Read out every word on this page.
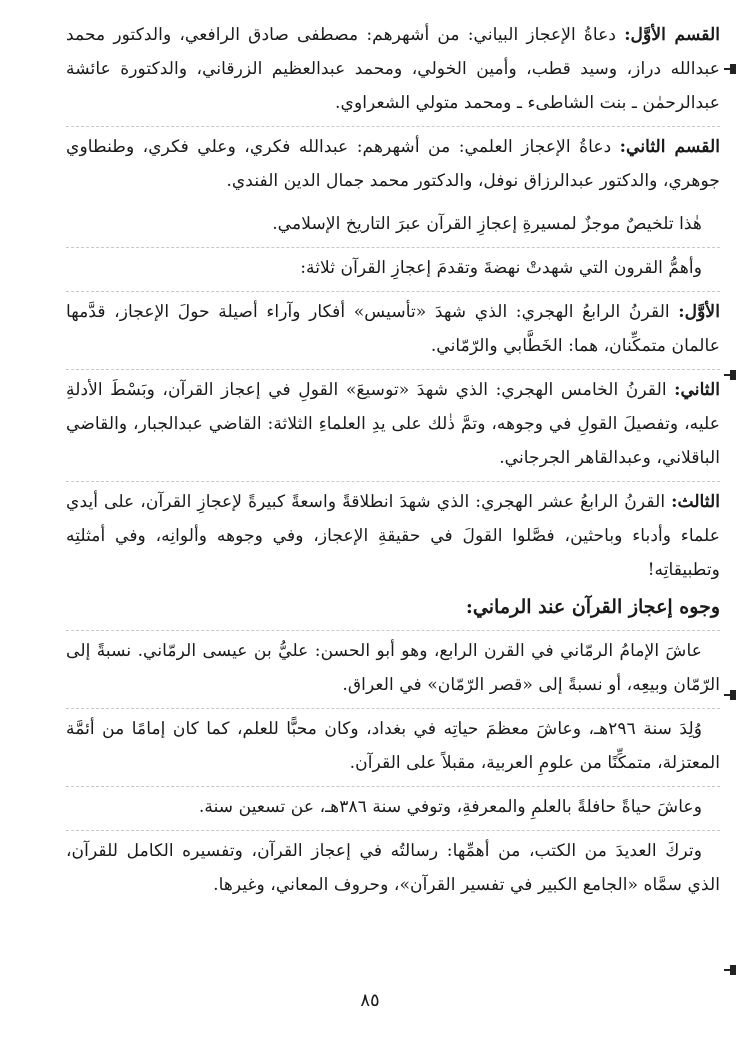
القسم الأوَّل: دعاةُ الإعجاز البياني: من أشهرهم: مصطفى صادق الرافعي، والدكتور محمد عبدالله دراز، وسيد قطب، وأمين الخولي، ومحمد عبدالعظيم الزرقاني، والدكتورة عائشة عبدالرحمٰن ـ بنت الشاطىء ـ ومحمد متولي الشعراوي.

القسم الثاني: دعاةُ الإعجاز العلمي: من أشهرهم: عبدالله فكري، وعلي فكري، وطنطاوي جوهري، والدكتور عبدالرزاق نوفل، والدكتور محمد جمال الدين الفندي.

هٰذا تلخيصٌ موجزٌ لمسيرةِ إعجازِ القرآن عبرَ التاريخ الإسلامي.

وأهمُّ القرون التي شهدتْ نهضةَ وتقدمَ إعجازِ القرآن ثلاثة:

الأوَّل: القرنُ الرابعُ الهجري: الذي شهدَ «تأسيس» أفكار وآراء أصيلة حولَ الإعجاز، قدَّمها عالمان متمكِّنان، هما: الخَطَّابي والرّمّاني.

الثاني: القرنُ الخامس الهجري: الذي شهدَ «توسيعَ» القولِ في إعجاز القرآن، وبَسْطَ الأدلةِ عليه، وتفصيلَ القولِ في وجوهه، وتمَّ ذٰلك على يدِ العلماءِ الثلاثة: القاضي عبدالجبار، والقاضي الباقلاني، وعبدالقاهر الجرجاني.

الثالث: القرنُ الرابعُ عشر الهجري: الذي شهدَ انطلاقةً واسعةً كبيرةً لإعجازِ القرآن، على أيدي علماء وأدباء وباحثين، فصَّلوا القولَ في حقيقةِ الإعجاز، وفي وجوهه وألوانِه، وفي أمثلتِه وتطبيقاتِه!

وجوه إعجاز القرآن عند الرماني:

عاشَ الإمامُ الرمّاني في القرن الرابع، وهو أبو الحسن: عليُّ بن عيسى الرمّاني. نسبةً إلى الرّمّان وبيعِه، أو نسبةً إلى «قصر الرّمّان» في العراق.

وُلِدَ سنة ٢٩٦هـ، وعاشَ معظمَ حياتِه في بغداد، وكان محبًّا للعلم، كما كان إمامًا من أئمَّة المعتزلة، متمكِّنًا من علومِ العربية، مقبلاً على القرآن.

وعاشَ حياةً حافلةً بالعلمِ والمعرفةِ، وتوفي سنة ٣٨٦هـ، عن تسعين سنة.

وتركَ العديدَ من الكتب، من أهمِّها: رسالتُه في إعجاز القرآن، وتفسيره الكامل للقرآن، الذي سمَّاه «الجامع الكبير في تفسير القرآن»، وحروف المعاني، وغيرها.

٨٥
